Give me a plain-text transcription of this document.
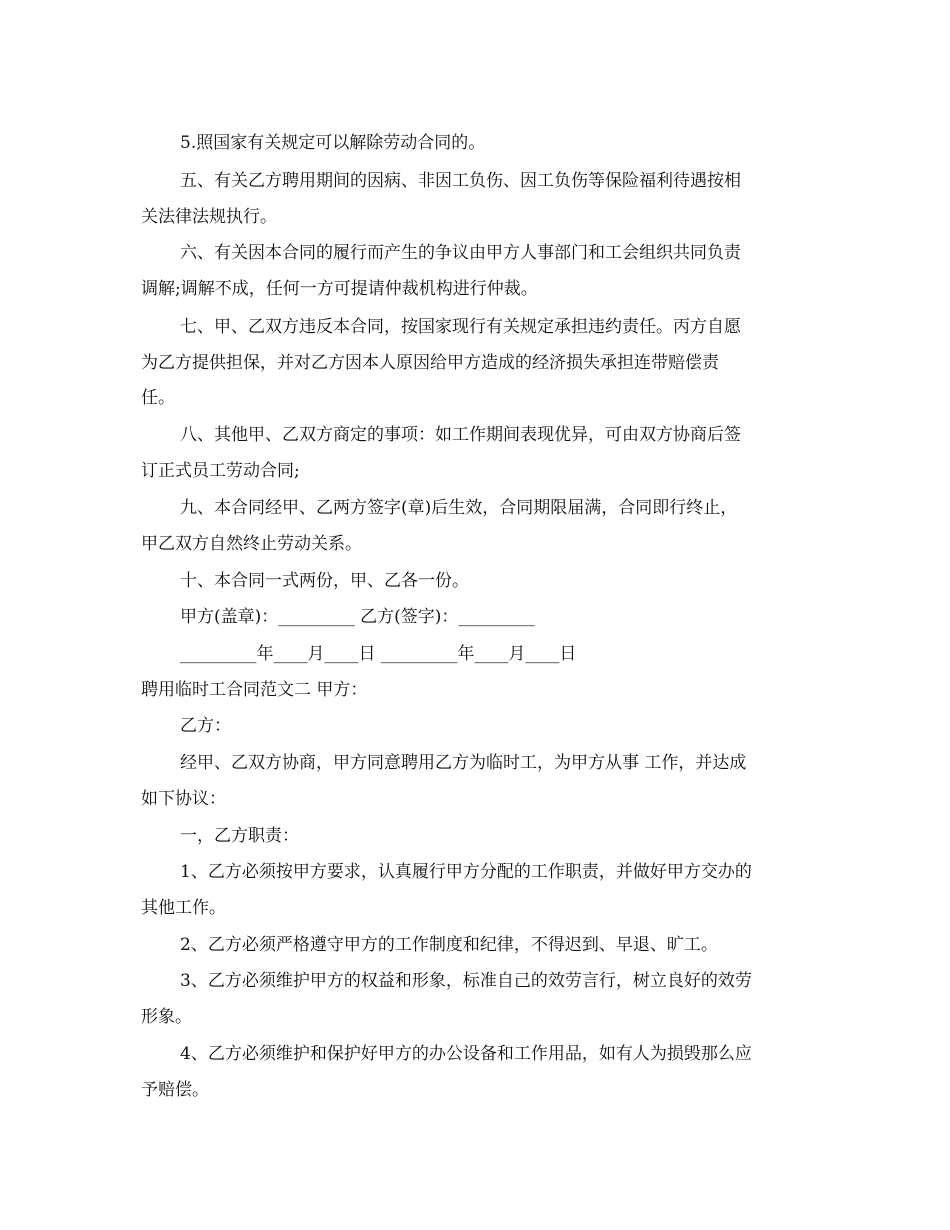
5.照国家有关规定可以解除劳动合同的。
五、有关乙方聘用期间的因病、非因工负伤、因工负伤等保险福利待遇按相
关法律法规执行。
六、有关因本合同的履行而产生的争议由甲方人事部门和工会组织共同负责
调解;调解不成，任何一方可提请仲裁机构进行仲裁。
七、甲、乙双方违反本合同，按国家现行有关规定承担违约责任。丙方自愿
为乙方提供担保，并对乙方因本人原因给甲方造成的经济损失承担连带赔偿责
任。
八、其他甲、乙双方商定的事项：如工作期间表现优异，可由双方协商后签
订正式员工劳动合同;
九、本合同经甲、乙两方签字(章)后生效，合同期限届满，合同即行终止，
甲乙双方自然终止劳动关系。
十、本合同一式两份，甲、乙各一份。
甲方(盖章)：_________ 乙方(签字)：_________
_________年____月____日 _________年____月____日
聘用临时工合同范文二 甲方：
乙方：
经甲、乙双方协商，甲方同意聘用乙方为临时工，为甲方从事 工作，并达成
如下协议：
一，乙方职责：
1、乙方必须按甲方要求，认真履行甲方分配的工作职责，并做好甲方交办的
其他工作。
2、乙方必须严格遵守甲方的工作制度和纪律，不得迟到、早退、旷工。
3、乙方必须维护甲方的权益和形象，标准自己的效劳言行，树立良好的效劳
形象。
4、乙方必须维护和保护好甲方的办公设备和工作用品，如有人为损毁那么应
予赔偿。
